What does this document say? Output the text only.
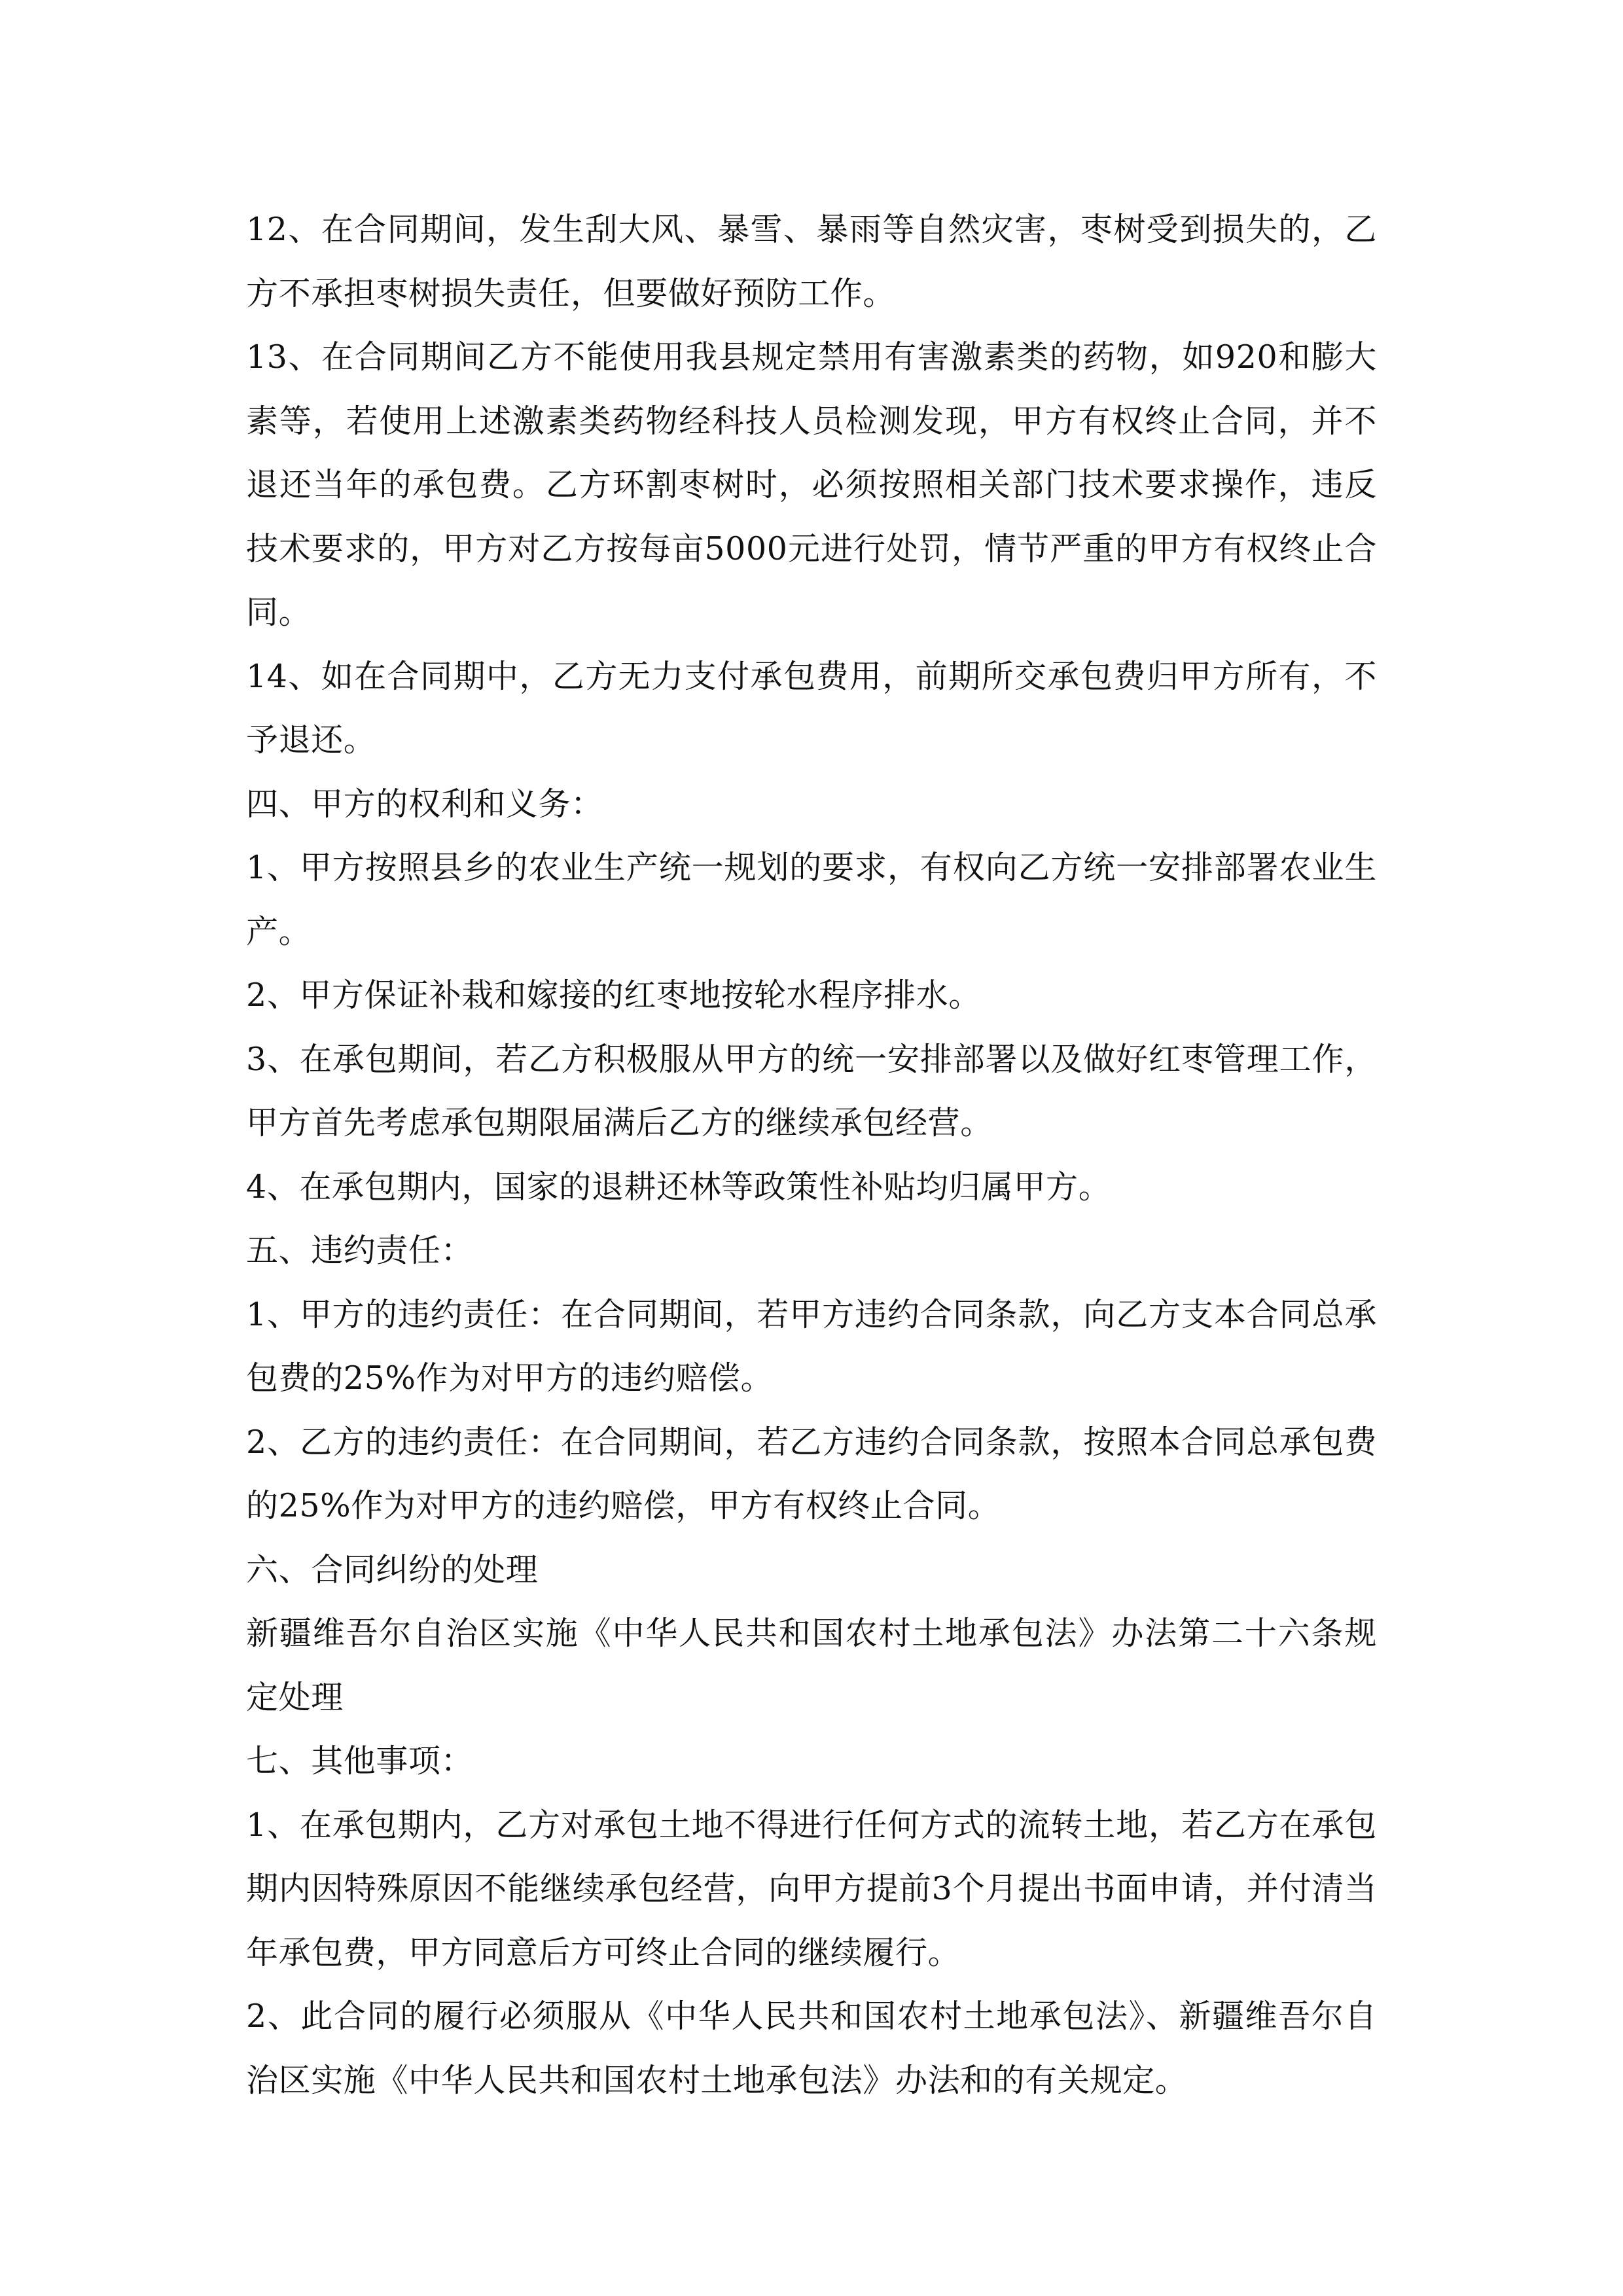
12、在合同期间，发生刮大风、暴雪、暴雨等自然灾害，枣树受到损失的，乙方不承担枣树损失责任，但要做好预防工作。

13、在合同期间乙方不能使用我县规定禁用有害激素类的药物，如920和膨大素等，若使用上述激素类药物经科技人员检测发现，甲方有权终止合同，并不退还当年的承包费。乙方环割枣树时，必须按照相关部门技术要求操作，违反技术要求的，甲方对乙方按每亩5000元进行处罚，情节严重的甲方有权终止合同。

14、如在合同期中，乙方无力支付承包费用，前期所交承包费归甲方所有，不予退还。

四、甲方的权利和义务：

1、甲方按照县乡的农业生产统一规划的要求，有权向乙方统一安排部署农业生产。

2、甲方保证补栽和嫁接的红枣地按轮水程序排水。

3、在承包期间，若乙方积极服从甲方的统一安排部署以及做好红枣管理工作，甲方首先考虑承包期限届满后乙方的继续承包经营。

4、在承包期内，国家的退耕还林等政策性补贴均归属甲方。

五、违约责任：

1、甲方的违约责任：在合同期间，若甲方违约合同条款，向乙方支本合同总承包费的25%作为对甲方的违约赔偿。

2、乙方的违约责任：在合同期间，若乙方违约合同条款，按照本合同总承包费的25%作为对甲方的违约赔偿，甲方有权终止合同。

六、合同纠纷的处理

新疆维吾尔自治区实施《中华人民共和国农村土地承包法》办法第二十六条规定处理

七、其他事项：

1、在承包期内，乙方对承包土地不得进行任何方式的流转土地，若乙方在承包期内因特殊原因不能继续承包经营，向甲方提前3个月提出书面申请，并付清当年承包费，甲方同意后方可终止合同的继续履行。

2、此合同的履行必须服从《中华人民共和国农村土地承包法》、新疆维吾尔自治区实施《中华人民共和国农村土地承包法》办法和的有关规定。
